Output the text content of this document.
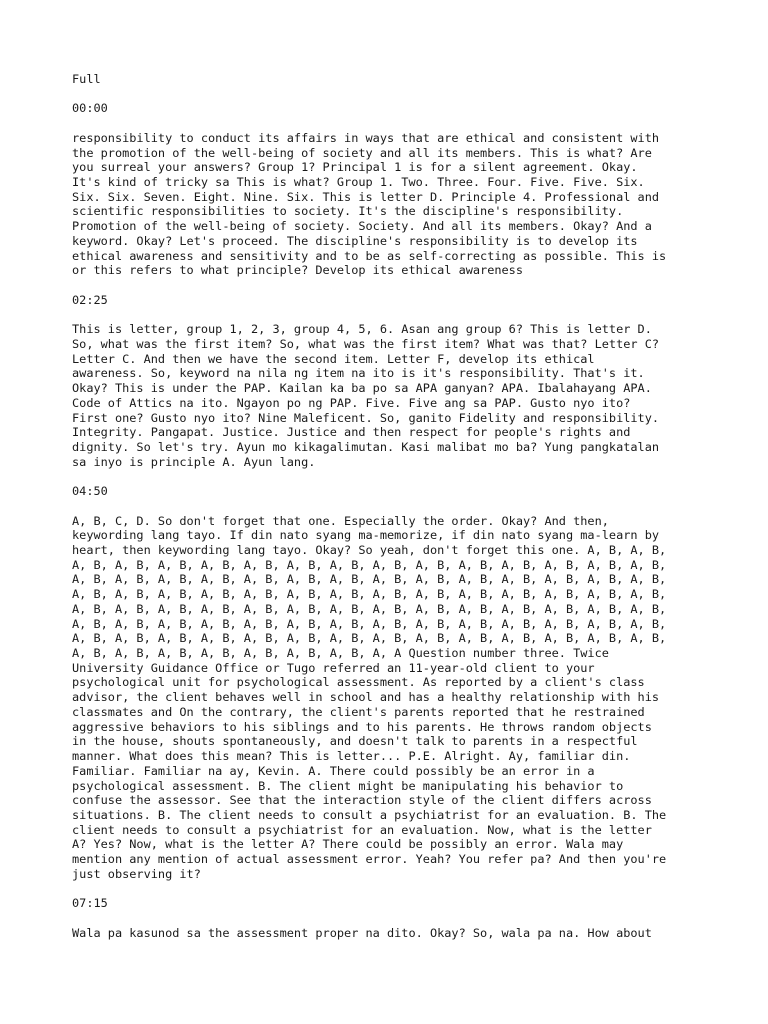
Full
00:00
responsibility to conduct its affairs in ways that are ethical and consistent with
the promotion of the well-being of society and all its members. This is what? Are
you surreal your answers? Group 1? Principal 1 is for a silent agreement. Okay.
It's kind of tricky sa This is what? Group 1. Two. Three. Four. Five. Five. Six.
Six. Six. Seven. Eight. Nine. Six. This is letter D. Principle 4. Professional and
scientific responsibilities to society. It's the discipline's responsibility.
Promotion of the well-being of society. Society. And all its members. Okay? And a
keyword. Okay? Let's proceed. The discipline's responsibility is to develop its
ethical awareness and sensitivity and to be as self-correcting as possible. This is
or this refers to what principle? Develop its ethical awareness
02:25
This is letter, group 1, 2, 3, group 4, 5, 6. Asan ang group 6? This is letter D.
So, what was the first item? So, what was the first item? What was that? Letter C?
Letter C. And then we have the second item. Letter F, develop its ethical
awareness. So, keyword na nila ng item na ito is it's responsibility. That's it.
Okay? This is under the PAP. Kailan ka ba po sa APA ganyan? APA. Ibalahayang APA.
Code of Attics na ito. Ngayon po ng PAP. Five. Five ang sa PAP. Gusto nyo ito?
First one? Gusto nyo ito? Nine Maleficent. So, ganito Fidelity and responsibility.
Integrity. Pangapat. Justice. Justice and then respect for people's rights and
dignity. So let's try. Ayun mo kikagalimutan. Kasi malibat mo ba? Yung pangkatalan
sa inyo is principle A. Ayun lang.
04:50
A, B, C, D. So don't forget that one. Especially the order. Okay? And then,
keywording lang tayo. If din nato syang ma-memorize, if din nato syang ma-learn by
heart, then keywording lang tayo. Okay? So yeah, don't forget this one. A, B, A, B,
A, B, A, B, A, B, A, B, A, B, A, B, A, B, A, B, A, B, A, B, A, B, A, B, A, B, A, B,
A, B, A, B, A, B, A, B, A, B, A, B, A, B, A, B, A, B, A, B, A, B, A, B, A, B, A, B,
A, B, A, B, A, B, A, B, A, B, A, B, A, B, A, B, A, B, A, B, A, B, A, B, A, B, A, B,
A, B, A, B, A, B, A, B, A, B, A, B, A, B, A, B, A, B, A, B, A, B, A, B, A, B, A, B,
A, B, A, B, A, B, A, B, A, B, A, B, A, B, A, B, A, B, A, B, A, B, A, B, A, B, A, B,
A, B, A, B, A, B, A, B, A, B, A, B, A, B, A, B, A, B, A, B, A, B, A, B, A, B, A, B,
A, B, A, B, A, B, A, B, A, B, A, B, A, B, A, A Question number three. Twice
University Guidance Office or Tugo referred an 11-year-old client to your
psychological unit for psychological assessment. As reported by a client's class
advisor, the client behaves well in school and has a healthy relationship with his
classmates and On the contrary, the client's parents reported that he restrained
aggressive behaviors to his siblings and to his parents. He throws random objects
in the house, shouts spontaneously, and doesn't talk to parents in a respectful
manner. What does this mean? This is letter... P.E. Alright. Ay, familiar din.
Familiar. Familiar na ay, Kevin. A. There could possibly be an error in a
psychological assessment. B. The client might be manipulating his behavior to
confuse the assessor. See that the interaction style of the client differs across
situations. B. The client needs to consult a psychiatrist for an evaluation. B. The
client needs to consult a psychiatrist for an evaluation. Now, what is the letter
A? Yes? Now, what is the letter A? There could be possibly an error. Wala may
mention any mention of actual assessment error. Yeah? You refer pa? And then you're
just observing it?
07:15
Wala pa kasunod sa the assessment proper na dito. Okay? So, wala pa na. How about
